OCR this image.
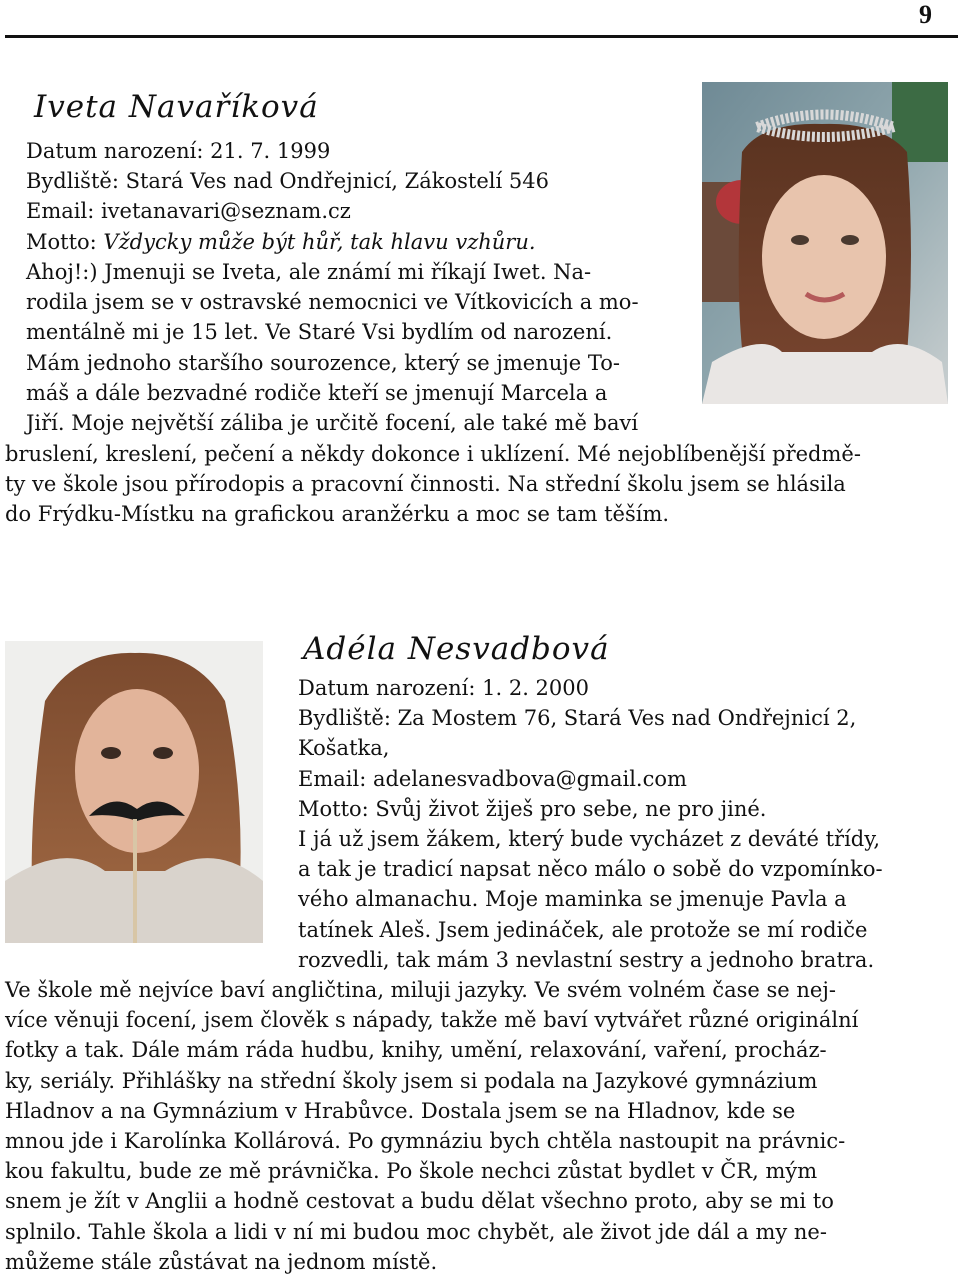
9
Iveta Navaříková

Datum narození: 21. 7. 1999

Bydliště: Stará Ves nad Ondřejnicí, Zákostelí 546

Email: ivetanavari@seznam.cz

Motto: Vždycky může být hůř, tak hlavu vzhůru.

Ahoj!:) Jmenuji se Iveta, ale známí mi říkají Iwet. Na-

rodila jsem se v ostravské nemocnici ve Vítkovicích a mo-

mentálně mi je 15 let. Ve Staré Vsi bydlím od narození.

Mám jednoho staršího sourozence, který se jmenuje To-

máš a dále bezvadné rodiče kteří se jmenují Marcela a

Jiří. Moje největší záliba je určitě focení, ale také mě baví

bruslení, kreslení, pečení a někdy dokonce i uklízení. Mé nejoblíbenější předmě-

ty ve škole jsou přírodopis a pracovní činnosti. Na střední školu jsem se hlásila

do Frýdku-Místku na grafickou aranžérku a moc se tam těším.

Adéla Nesvadbová

Datum narození: 1. 2. 2000

Bydliště: Za Mostem 76, Stará Ves nad Ondřejnicí 2,

Košatka,

Email: adelanesvadbova@gmail.com

Motto: Svůj život žiješ pro sebe, ne pro jiné.

I já už jsem žákem, který bude vycházet z deváté třídy,

a tak je tradicí napsat něco málo o sobě do vzpomínko-

vého almanachu. Moje maminka se jmenuje Pavla a

tatínek Aleš. Jsem jedináček, ale protože se mí rodiče

rozvedli, tak mám 3 nevlastní sestry a jednoho bratra.

Ve škole mě nejvíce baví angličtina, miluji jazyky. Ve svém volném čase se nej-

více věnuji focení, jsem člověk s nápady, takže mě baví vytvářet různé originální

fotky a tak. Dále mám ráda hudbu, knihy, umění, relaxování, vaření, procház-

ky, seriály. Přihlášky na střední školy jsem si podala na Jazykové gymnázium

Hladnov a na Gymnázium v Hrabůvce. Dostala jsem se na Hladnov, kde se

mnou jde i Karolínka Kollárová. Po gymnáziu bych chtěla nastoupit na právnic-

kou fakultu, bude ze mě právnička. Po škole nechci zůstat bydlet v ČR, mým

snem je žít v Anglii a hodně cestovat a budu dělat všechno proto, aby se mi to

splnilo. Tahle škola a lidi v ní mi budou moc chybět, ale život jde dál a my ne-

můžeme stále zůstávat na jednom místě.
